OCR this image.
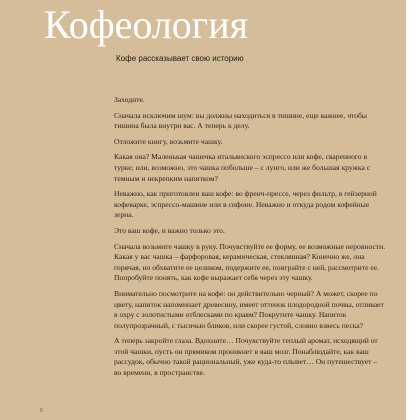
Кофеология
Кофе рассказывает свою историю

Заходите.

Сначала исключим шум: вы должны находиться в тишине, еще важнее, чтобы тишина была внутри вас. А теперь к делу.

Отложите книгу, возьмите чашку.

Какая она? Маленькая чашечка итальянского эспрессо или кофе, сваренного в турке; или, возможно, это чашка побольше – с лунго, или же большая кружка с темным и некрепким напитком?

Неважно, как приготовлен ваш кофе: во френч-прессе, через фильтр, в гейзерной кофеварке, эспрессо-машине или в сифоне. Неважно и откуда родом кофейные зерна.

Это ваш кофе, и важно только это.

Сначала возьмите чашку в руку. Почувствуйте ее форму, ее возможные неровности. Какая у вас чашка – фарфоровая, керамическая, стеклянная? Конечно же, она горячая, но обхватите ее целиком, подержите ее, поиграйте с ней, рассмотрите ее. Попробуйте понять, как кофе выражает себя через эту чашку.

Внимательно посмотрите на кофе: он действительно черный? А может, скорее по цвету, напиток напоминает древесину, имеет оттенок плодородной почвы, отливает в охру с золотистыми отблесками по краям? Покрутите чашку. Напиток полупрозрачный, с тысячью бликов, или скорее густой, словно взвесь песка?

А теперь закройте глаза. Вдохните… Почувствуйте теплый аромат, исходящий от этой чашки, пусть он прямиком проникнет в ваш мозг. Понаблюдайте, как ваш рассудок, обычно такой рациональный, уже куда-то плывет… Он путешествует – во времени, в пространстве.

6
